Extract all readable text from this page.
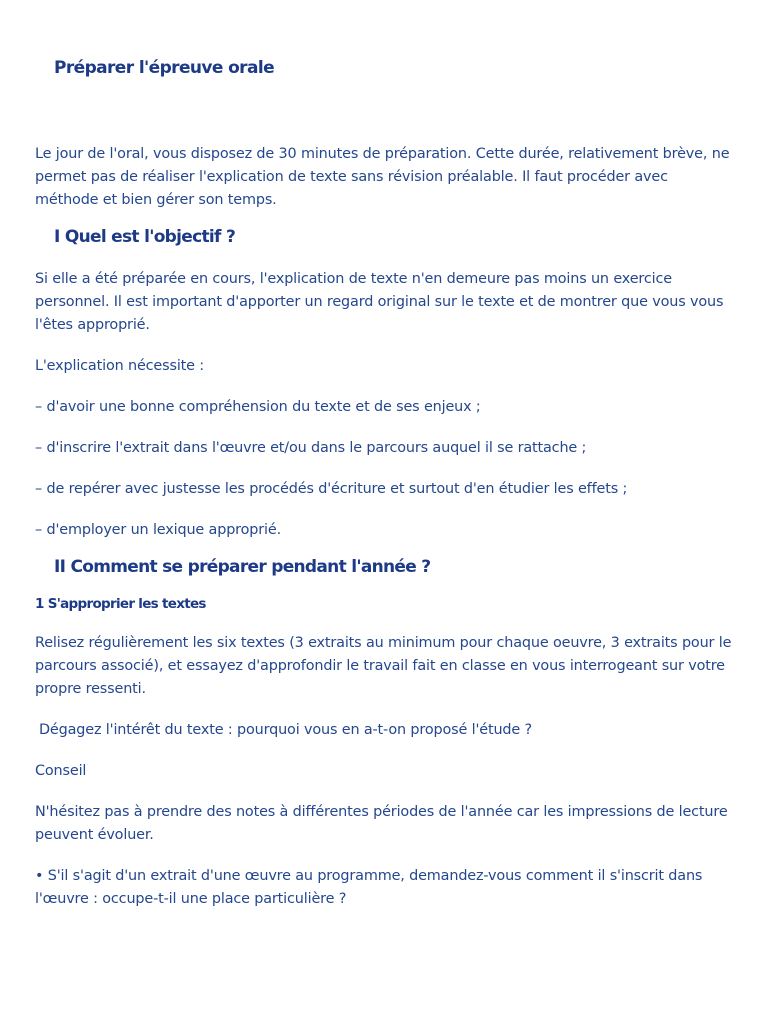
Préparer l'épreuve orale

Le jour de l'oral, vous disposez de 30 minutes de préparation. Cette durée, relativement brève, ne permet pas de réaliser l'explication de texte sans révision préalable. Il faut procéder avec méthode et bien gérer son temps.

I Quel est l'objectif ?

Si elle a été préparée en cours, l'explication de texte n'en demeure pas moins un exercice personnel. Il est important d'apporter un regard original sur le texte et de montrer que vous vous l'êtes approprié.

L'explication nécessite :

– d'avoir une bonne compréhension du texte et de ses enjeux ;

– d'inscrire l'extrait dans l'œuvre et/ou dans le parcours auquel il se rattache ;

– de repérer avec justesse les procédés d'écriture et surtout d'en étudier les effets ;

– d'employer un lexique approprié.

II Comment se préparer pendant l'année ?
1 S'approprier les textes

Relisez régulièrement les six textes (3 extraits au minimum pour chaque oeuvre, 3 extraits pour le parcours associé), et essayez d'approfondir le travail fait en classe en vous interrogeant sur votre propre ressenti.

Dégagez l'intérêt du texte : pourquoi vous en a-t-on proposé l'étude ?

Conseil

N'hésitez pas à prendre des notes à différentes périodes de l'année car les impressions de lecture peuvent évoluer.

• S'il s'agit d'un extrait d'une œuvre au programme, demandez-vous comment il s'inscrit dans l'œuvre : occupe-t-il une place particulière ?
